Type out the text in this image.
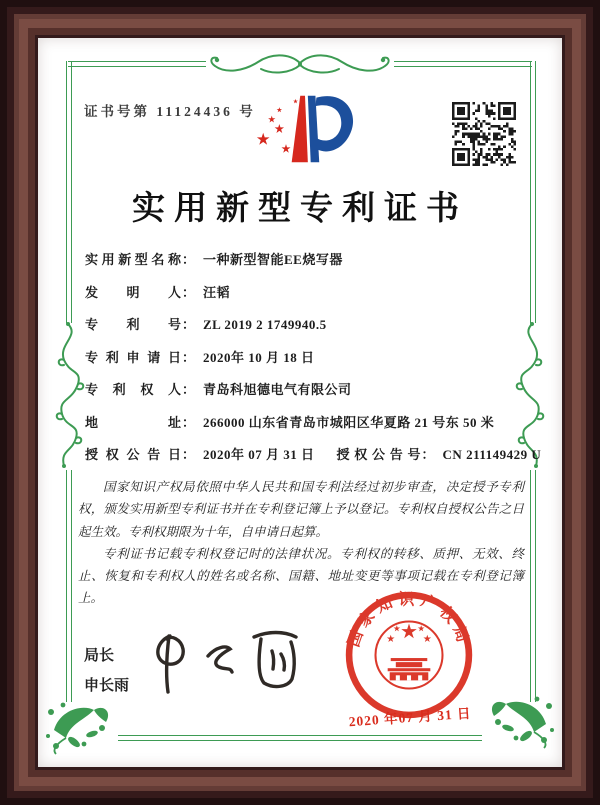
证书号第 11124436 号
实用新型专利证书
实用新型名称： 一种新型智能EE烧写器
发明人： 汪韬
专利号： ZL 2019 2 1749940.5
专利申请日： 2020年 10 月 18 日
专利权人： 青岛科旭德电气有限公司
地址： 266000 山东省青岛市城阳区华夏路 21 号东 50 米
授权公告日： 2020年 07 月 31 日 授权公告号： CN 211149429 U

国家知识产权局依照中华人民共和国专利法经过初步审查，决定授予专利权，颁发实用新型专利证书并在专利登记簿上予以登记。专利权自授权公告之日起生效。专利权期限为十年，自申请日起算。

专利证书记载专利权登记时的法律状况。专利权的转移、质押、无效、终止、恢复和专利权人的姓名或名称、国籍、地址变更等事项记载在专利登记簿上。

局长
申长雨
国家知识产权局
2020 年07 月 31 日
